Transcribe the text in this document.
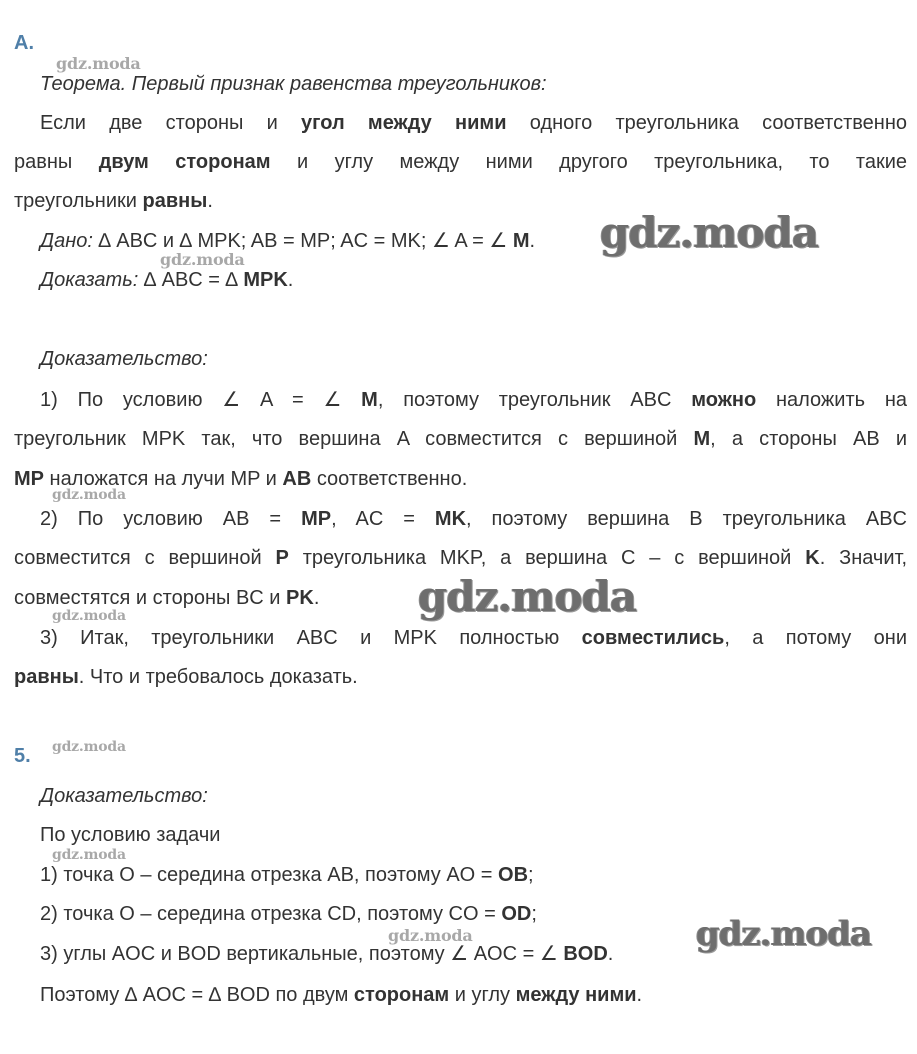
А.
Теорема. Первый признак равенства треугольников:
Если две стороны и угол между ними одного треугольника соответственно
равны двум сторонам и углу между ними другого треугольника, то такие
треугольники равны.
Дано: ∆ ABC и ∆ MPK; AB = MP; AC = MK; ∠ A = ∠ M.
Доказать: ∆ ABC = ∆ MPK.
Доказательство:
1) По условию ∠ A = ∠ M, поэтому треугольник ABC можно наложить на
треугольник MPK так, что вершина A совместится с вершиной M, а стороны AB и
MP наложатся на лучи MP и AB соответственно.
2) По условию AB = MP, AC = MK, поэтому вершина B треугольника ABC
совместится с вершиной P треугольника MKP, а вершина C – с вершиной K. Значит,
совместятся и стороны BC и PK.
3) Итак, треугольники ABC и MPK полностью совместились, а потому они
равны. Что и требовалось доказать.
5.
Доказательство:
По условию задачи
1) точка O – середина отрезка AB, поэтому AO = OB;
2) точка O – середина отрезка CD, поэтому CO = OD;
3) углы AOC и BOD вертикальные, поэтому ∠ AOC = ∠ BOD.
Поэтому ∆ AOC = ∆ BOD по двум сторонам и углу между ними.
gdz.moda
gdz.moda
gdz.moda
gdz.moda
gdz.moda
gdz.moda
gdz.moda
gdz.moda
gdz.moda	gdz.moda
